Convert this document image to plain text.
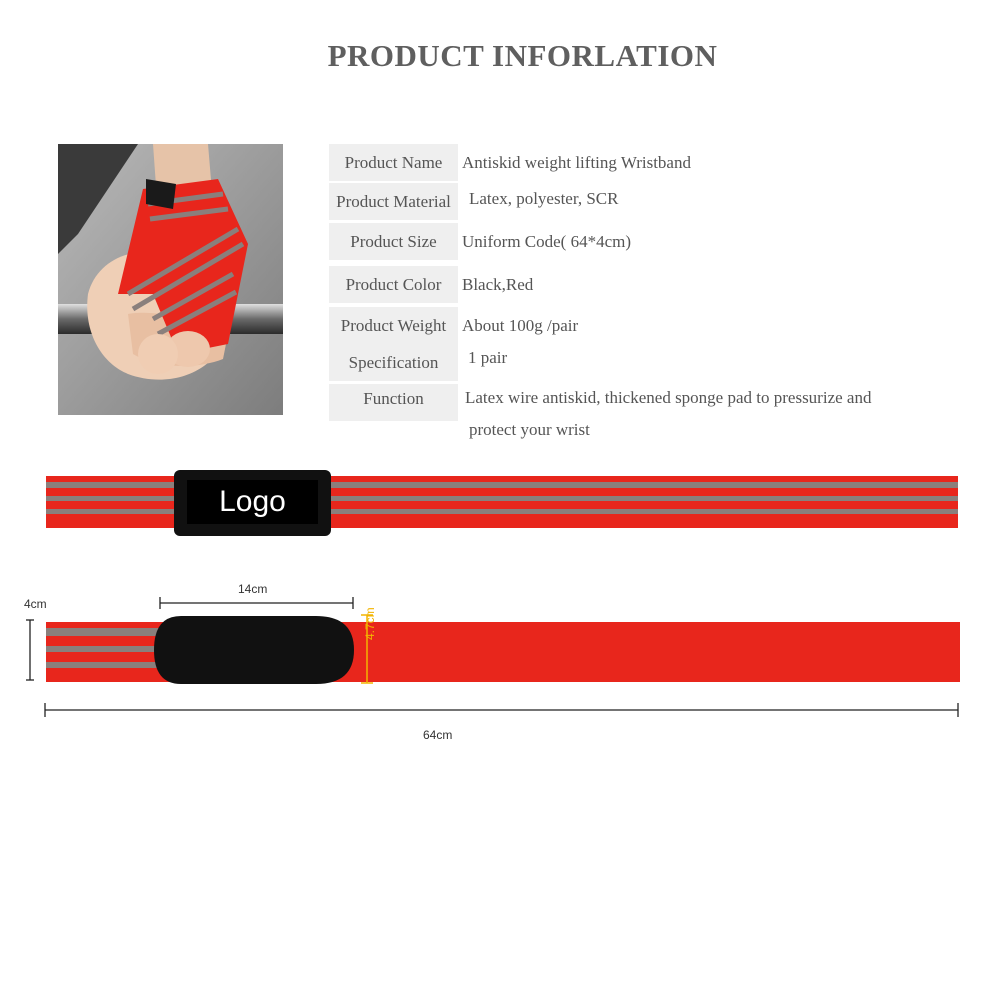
PRODUCT INFORLATION
Product Name	Antiskid weight lifting Wristband
Product Material	Latex, polyester, SCR
Product Size	Uniform Code( 64*4cm)
Product Color	Black,Red
Product Weight About 100g /pair
Specification	1 pair
Function	Latex wire antiskid, thickened sponge pad to pressurize and
protect your wrist
Logo
4cm
14cm
4.7cm
64cm
